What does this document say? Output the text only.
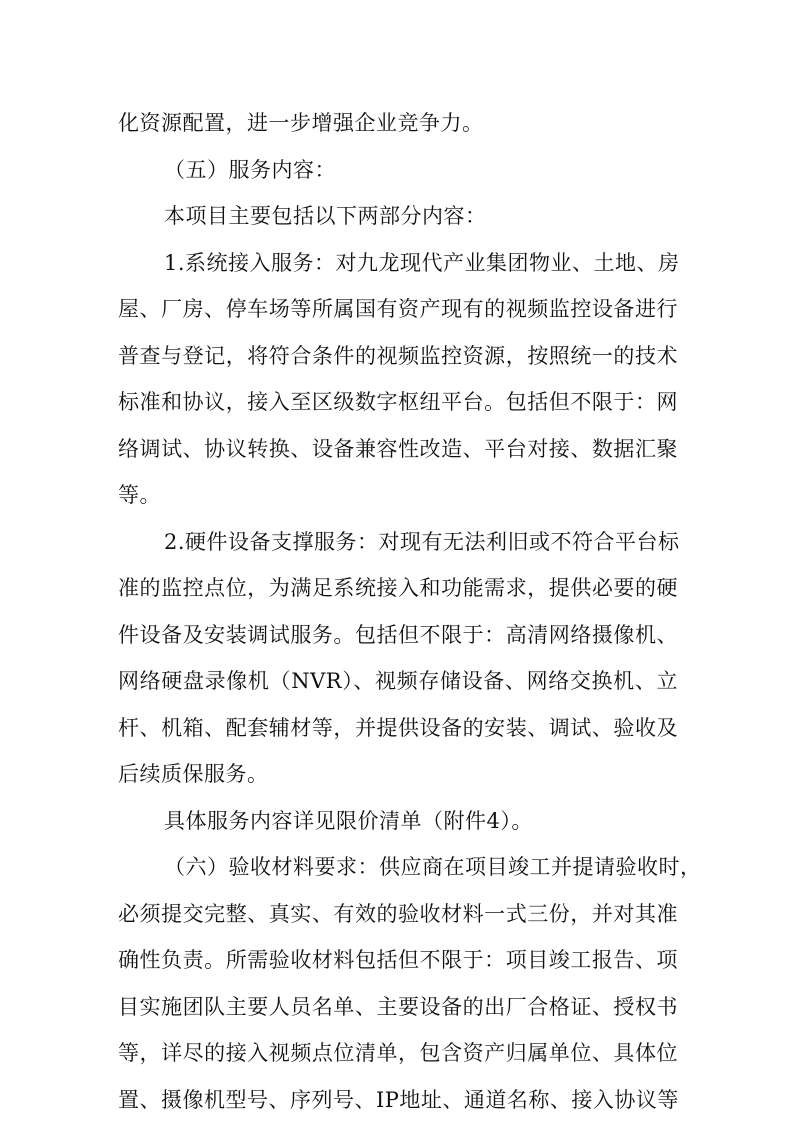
化资源配置，进一步增强企业竞争力。
（五）服务内容：
本项目主要包括以下两部分内容：
1.系统接入服务：对九龙现代产业集团物业、土地、房
屋、厂房、停车场等所属国有资产现有的视频监控设备进行
普查与登记，将符合条件的视频监控资源，按照统一的技术
标准和协议，接入至区级数字枢纽平台。包括但不限于：网
络调试、协议转换、设备兼容性改造、平台对接、数据汇聚
等。
2.硬件设备支撑服务：对现有无法利旧或不符合平台标
准的监控点位，为满足系统接入和功能需求，提供必要的硬
件设备及安装调试服务。包括但不限于：高清网络摄像机、
网络硬盘录像机（NVR）、视频存储设备、网络交换机、立
杆、机箱、配套辅材等，并提供设备的安装、调试、验收及
后续质保服务。
具体服务内容详见限价清单（附件4）。
（六）验收材料要求：供应商在项目竣工并提请验收时，
必须提交完整、真实、有效的验收材料一式三份，并对其准
确性负责。所需验收材料包括但不限于：项目竣工报告、项
目实施团队主要人员名单、主要设备的出厂合格证、授权书
等，详尽的接入视频点位清单，包含资产归属单位、具体位
置、摄像机型号、序列号、IP地址、通道名称、接入协议等
